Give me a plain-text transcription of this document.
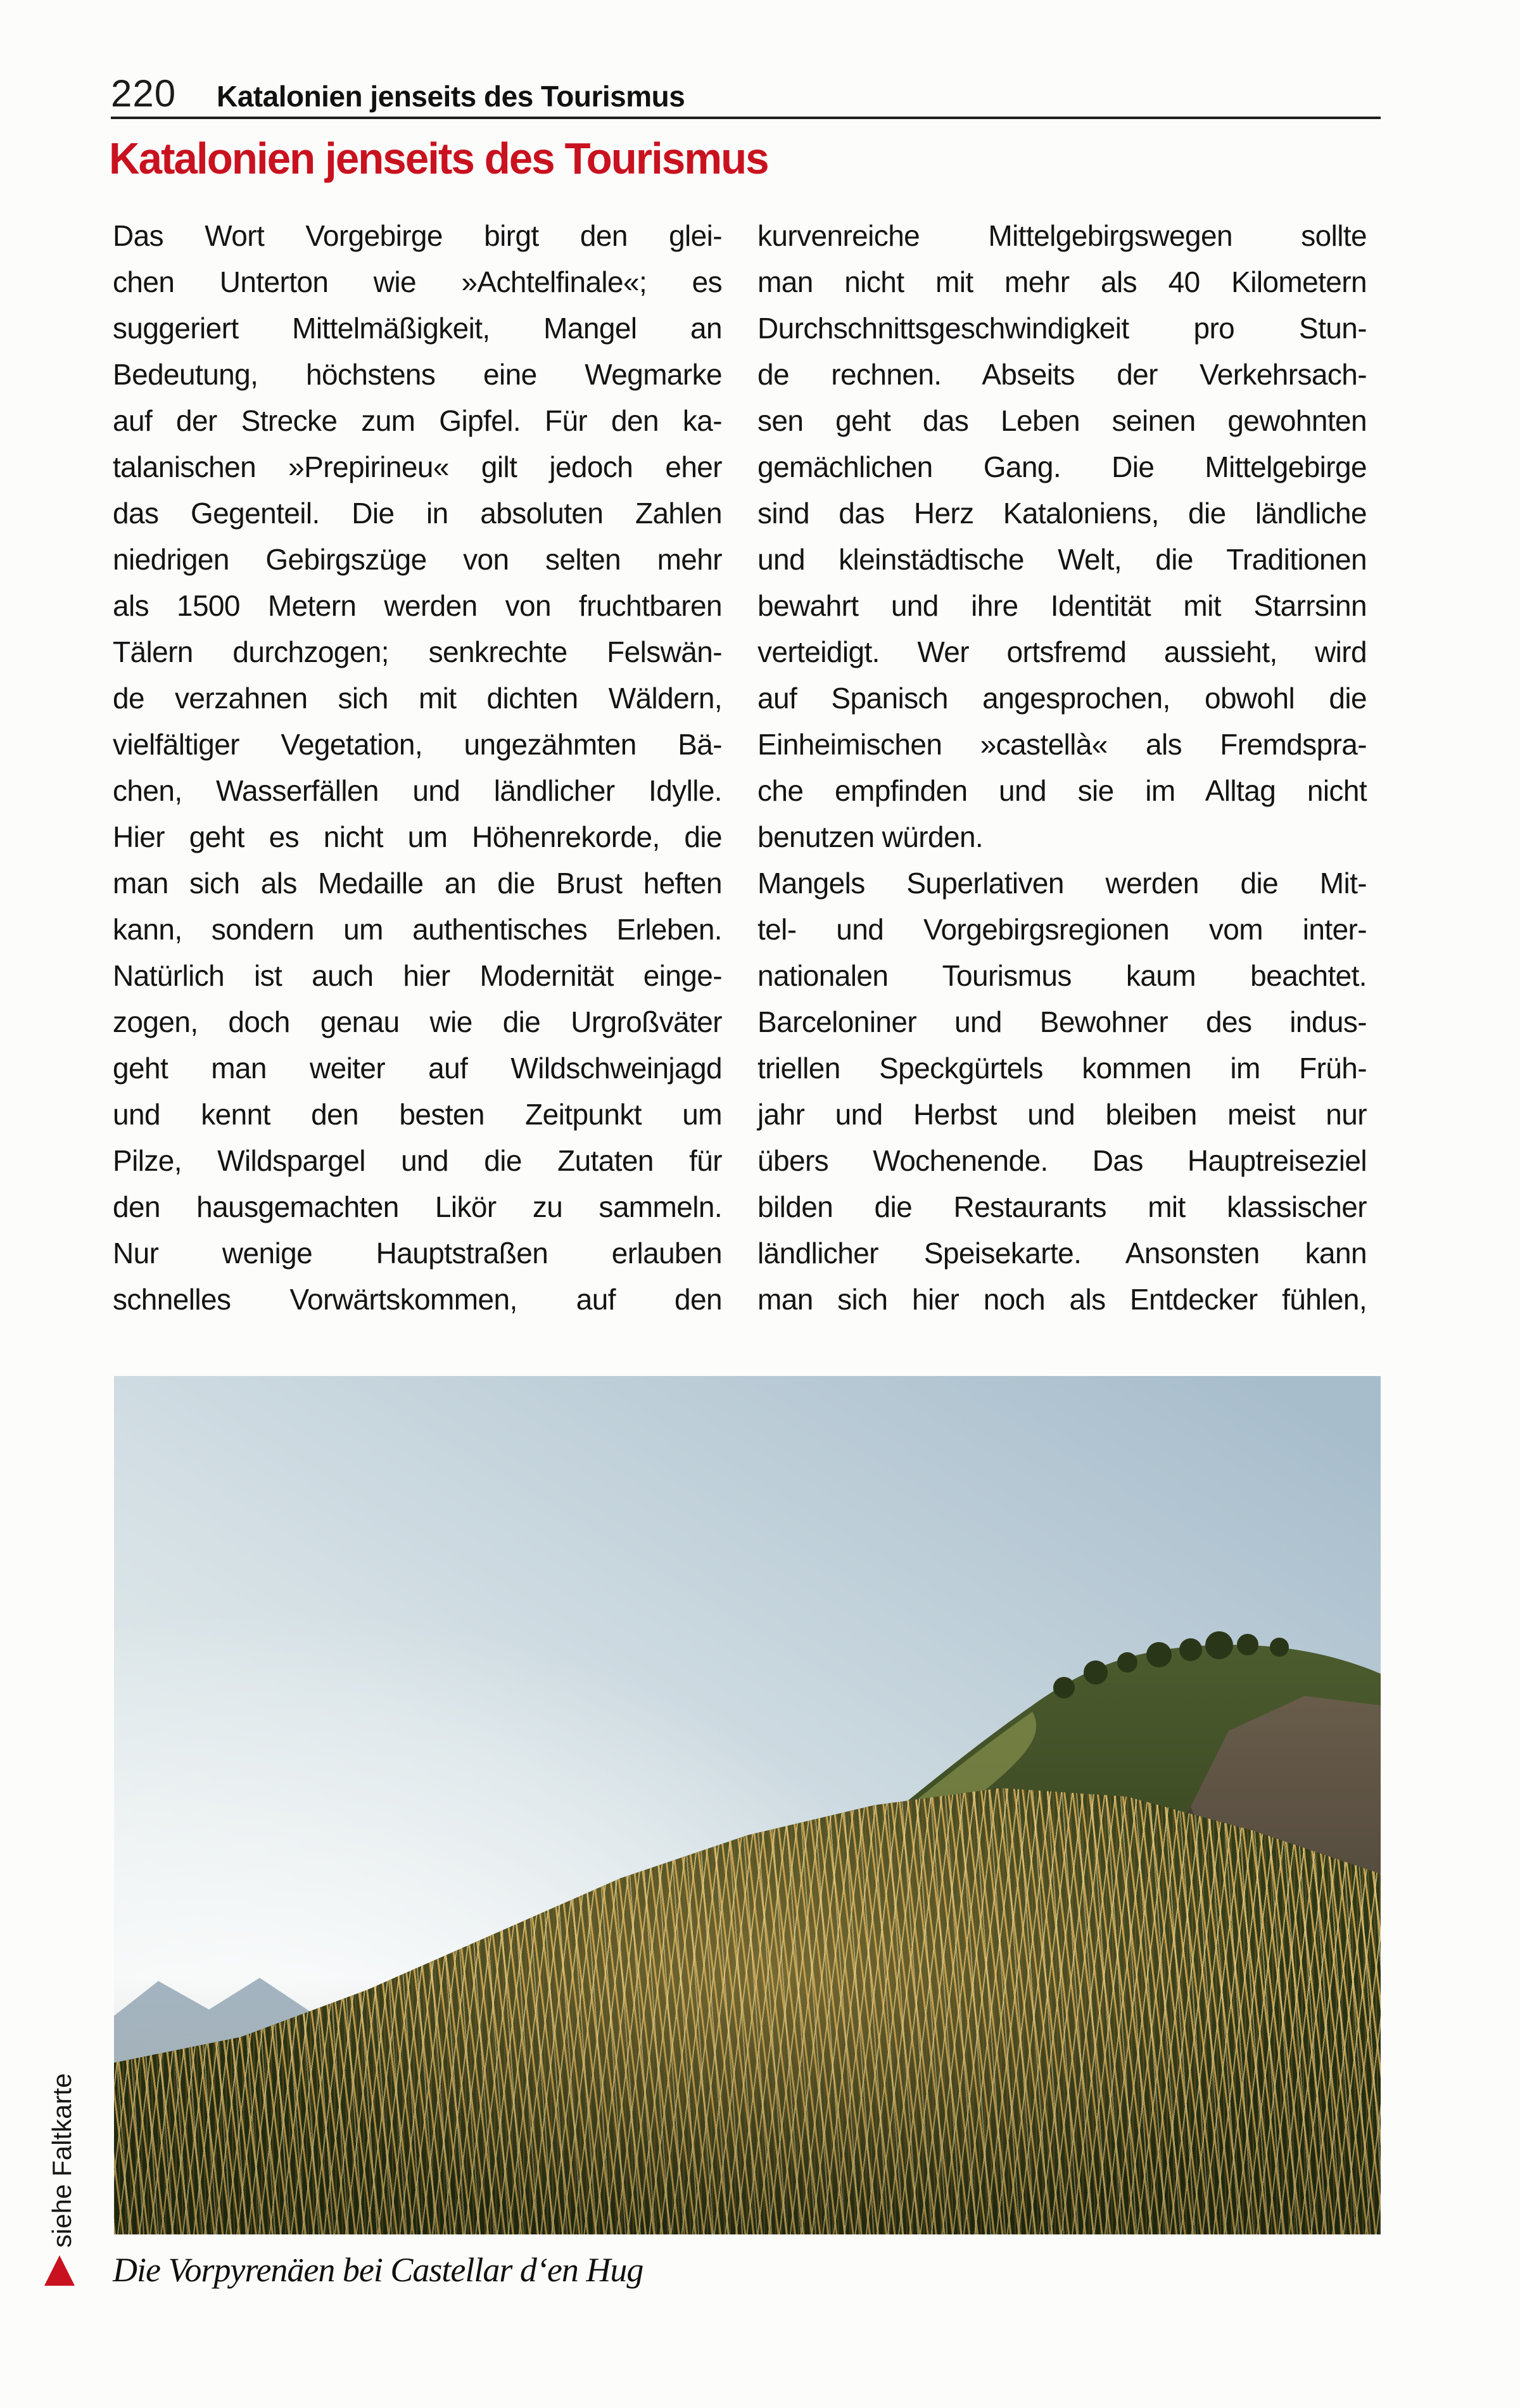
220 Katalonien jenseits des Tourismus
Katalonien jenseits des Tourismus
Das Wort Vorgebirge birgt den glei-
chen Unterton wie »Achtelfinale«; es
suggeriert Mittelmäßigkeit, Mangel an
Bedeutung, höchstens eine Wegmarke
auf der Strecke zum Gipfel. Für den ka-
talanischen »Prepirineu« gilt jedoch eher
das Gegenteil. Die in absoluten Zahlen
niedrigen Gebirgszüge von selten mehr
als 1500 Metern werden von fruchtbaren
Tälern durchzogen; senkrechte Felswän-
de verzahnen sich mit dichten Wäldern,
vielfältiger Vegetation, ungezähmten Bä-
chen, Wasserfällen und ländlicher Idylle.
Hier geht es nicht um Höhenrekorde, die
man sich als Medaille an die Brust heften
kann, sondern um authentisches Erleben.
Natürlich ist auch hier Modernität einge-
zogen, doch genau wie die Urgroßväter
geht man weiter auf Wildschweinjagd
und kennt den besten Zeitpunkt um
Pilze, Wildspargel und die Zutaten für
den hausgemachten Likör zu sammeln.
Nur wenige Hauptstraßen erlauben
schnelles Vorwärtskommen, auf den
kurvenreiche Mittelgebirgswegen sollte
man nicht mit mehr als 40 Kilometern
Durchschnittsgeschwindigkeit pro Stun-
de rechnen. Abseits der Verkehrsach-
sen geht das Leben seinen gewohnten
gemächlichen Gang. Die Mittelgebirge
sind das Herz Kataloniens, die ländliche
und kleinstädtische Welt, die Traditionen
bewahrt und ihre Identität mit Starrsinn
verteidigt. Wer ortsfremd aussieht, wird
auf Spanisch angesprochen, obwohl die
Einheimischen »castellà« als Fremdspra-
che empfinden und sie im Alltag nicht
benutzen würden.
Mangels Superlativen werden die Mit-
tel- und Vorgebirgsregionen vom inter-
nationalen Tourismus kaum beachtet.
Barceloniner und Bewohner des indus-
triellen Speckgürtels kommen im Früh-
jahr und Herbst und bleiben meist nur
übers Wochenende. Das Hauptreiseziel
bilden die Restaurants mit klassischer
ländlicher Speisekarte. Ansonsten kann
man sich hier noch als Entdecker fühlen,
Die Vorpyrenäen bei Castellar d‘en Hug
siehe Faltkarte
